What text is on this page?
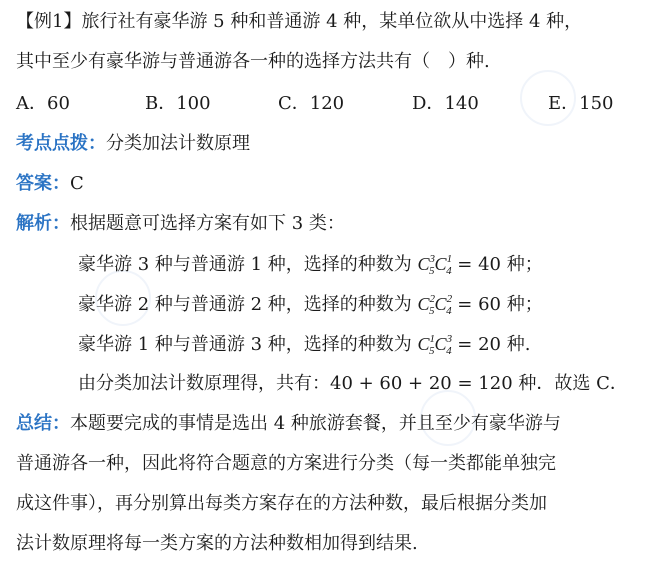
【例1】旅行社有豪华游 5 种和普通游 4 种，某单位欲从中选择 4 种，
其中至少有豪华游与普通游各一种的选择方法共有（　）种.
A．60	B．100	C．120	D．140	E．150
考点点拨：分类加法计数原理
答案：C
解析：根据题意可选择方案有如下 3 类：
豪华游 3 种与普通游 1 种，选择的种数为 $C^3_5C^1_4 = 40$ 种；
豪华游 2 种与普通游 2 种，选择的种数为 $C^2_5C^2_4 = 60$ 种；
豪华游 1 种与普通游 3 种，选择的种数为 $C^1_5C^3_4 = 20$ 种.
由分类加法计数原理得，共有：40 + 60 + 20 = 120 种．故选 C．
总结：本题要完成的事情是选出 4 种旅游套餐，并且至少有豪华游与
普通游各一种，因此将符合题意的方案进行分类（每一类都能单独完
成这件事），再分别算出每类方案存在的方法种数，最后根据分类加
法计数原理将每一类方案的方法种数相加得到结果.
